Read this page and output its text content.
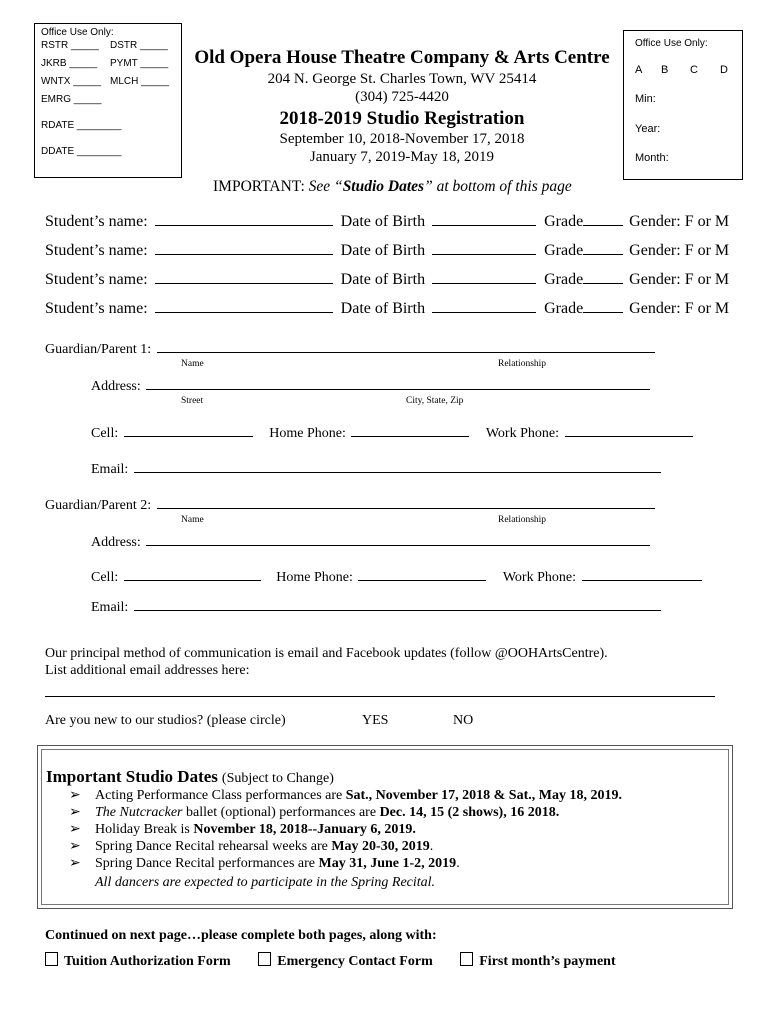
Office Use Only:
RSTR _____ DSTR _____
JKRB _____ PYMT _____
WNTX _____ MLCH _____
EMRG _____
RDATE ________
DDATE ________
Office Use Only:
A B C D
Min:
Year:
Month:
Old Opera House Theatre Company & Arts Centre
204 N. George St. Charles Town, WV 25414
(304) 725-4420
2018-2019 Studio Registration
September 10, 2018-November 17, 2018
January 7, 2019-May 18, 2019
IMPORTANT: See “Studio Dates” at bottom of this page
Student’s name:	Date of Birth	Grade	Gender: F or M
Student’s name:	Date of Birth	Grade	Gender: F or M
Student’s name:	Date of Birth	Grade	Gender: F or M
Student’s name:	Date of Birth	Grade	Gender: F or M
Guardian/Parent 1:
Name	Relationship
Address:
Street	City, State, Zip
Cell:	Home Phone:	Work Phone:
Email:
Guardian/Parent 2:
Name	Relationship
Address:
Cell:	Home Phone:	Work Phone:
Email:
Our principal method of communication is email and Facebook updates (follow @OOHArtsCentre).
List additional email addresses here:
Are you new to our studios? (please circle)	YES	NO
Important Studio Dates (Subject to Change)
➢ Acting Performance Class performances are Sat., November 17, 2018 & Sat., May 18, 2019.
➢ The Nutcracker ballet (optional) performances are Dec. 14, 15 (2 shows), 16 2018.
➢ Holiday Break is November 18, 2018--January 6, 2019.
➢ Spring Dance Recital rehearsal weeks are May 20-30, 2019.
➢ Spring Dance Recital performances are May 31, June 1-2, 2019.
All dancers are expected to participate in the Spring Recital.
Continued on next page…please complete both pages, along with:
Tuition Authorization Form	Emergency Contact Form	First month’s payment
